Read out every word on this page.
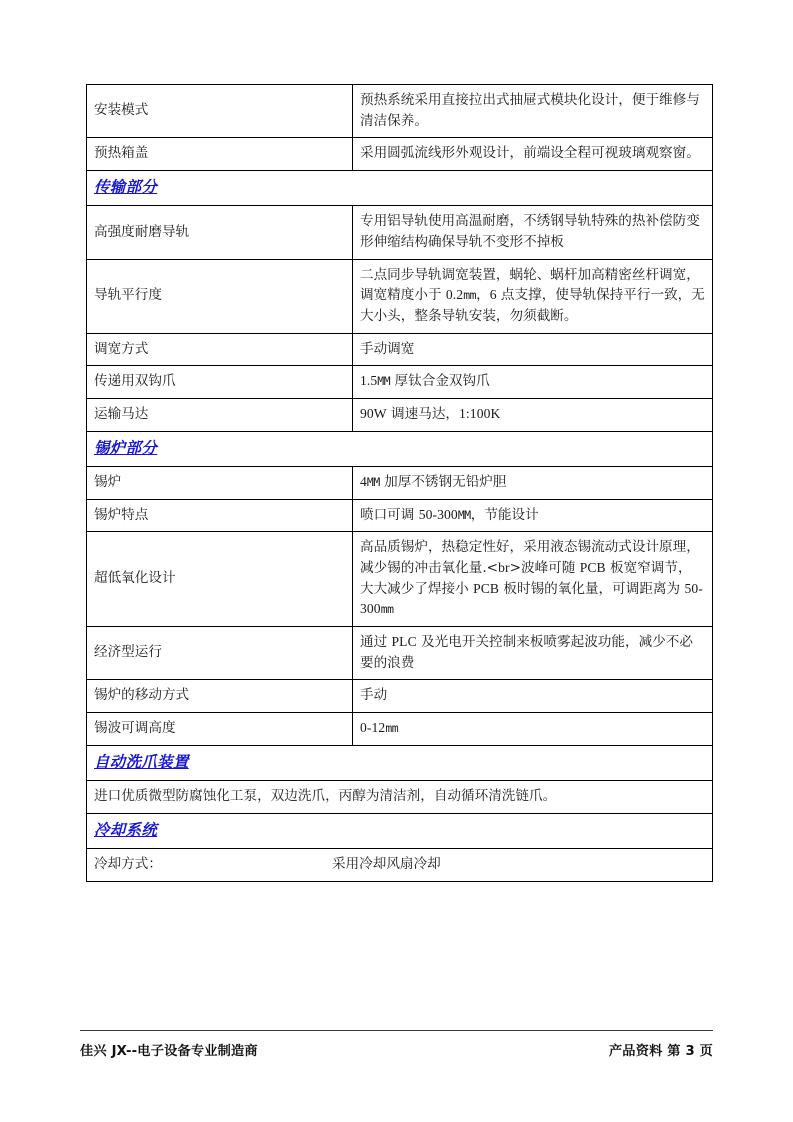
安装模式	预热系统采用直接拉出式抽屉式模块化设计，便于维修与清洁保养。
预热箱盖	采用圆弧流线形外观设计，前端设全程可视玻璃观察窗。
传输部分	
高强度耐磨导轨	专用铝导轨使用高温耐磨，不绣钢导轨特殊的热补偿防变形伸缩结构确保导轨不变形不掉板
导轨平行度	二点同步导轨调宽装置，蜗轮、蜗杆加高精密丝杆调宽，调宽精度小于 0.2mm，6 点支撑，使导轨保持平行一致，无大小头，整条导轨安装，勿须截断。
调宽方式	手动调宽
传递用双钩爪	1.5MM 厚钛合金双钩爪
运输马达	90W 调速马达，1:100K
锡炉部分	
锡炉	4MM 加厚不锈钢无铅炉胆
锡炉特点	喷口可调 50-300MM，节能设计
超低氧化设计	高品质锡炉，热稳定性好，采用液态锡流动式设计原理，减少锡的冲击氧化量.<br>波峰可随 PCB 板宽窄调节，大大减少了焊接小 PCB 板时锡的氧化量，可调距离为 50-300mm
经济型运行	通过 PLC 及光电开关控制来板喷雾起波功能，减少不必要的浪费
锡炉的移动方式	手动
锡波可调高度	0-12mm
自动洗爪装置	
进口优质微型防腐蚀化工泵，双边洗爪，丙醇为清洁剂，自动循环清洗链爪。	
冷却系统	
冷却方式： 采用冷却风扇冷却	
佳兴 JX--电子设备专业制造商	产品资料 第 3 页
